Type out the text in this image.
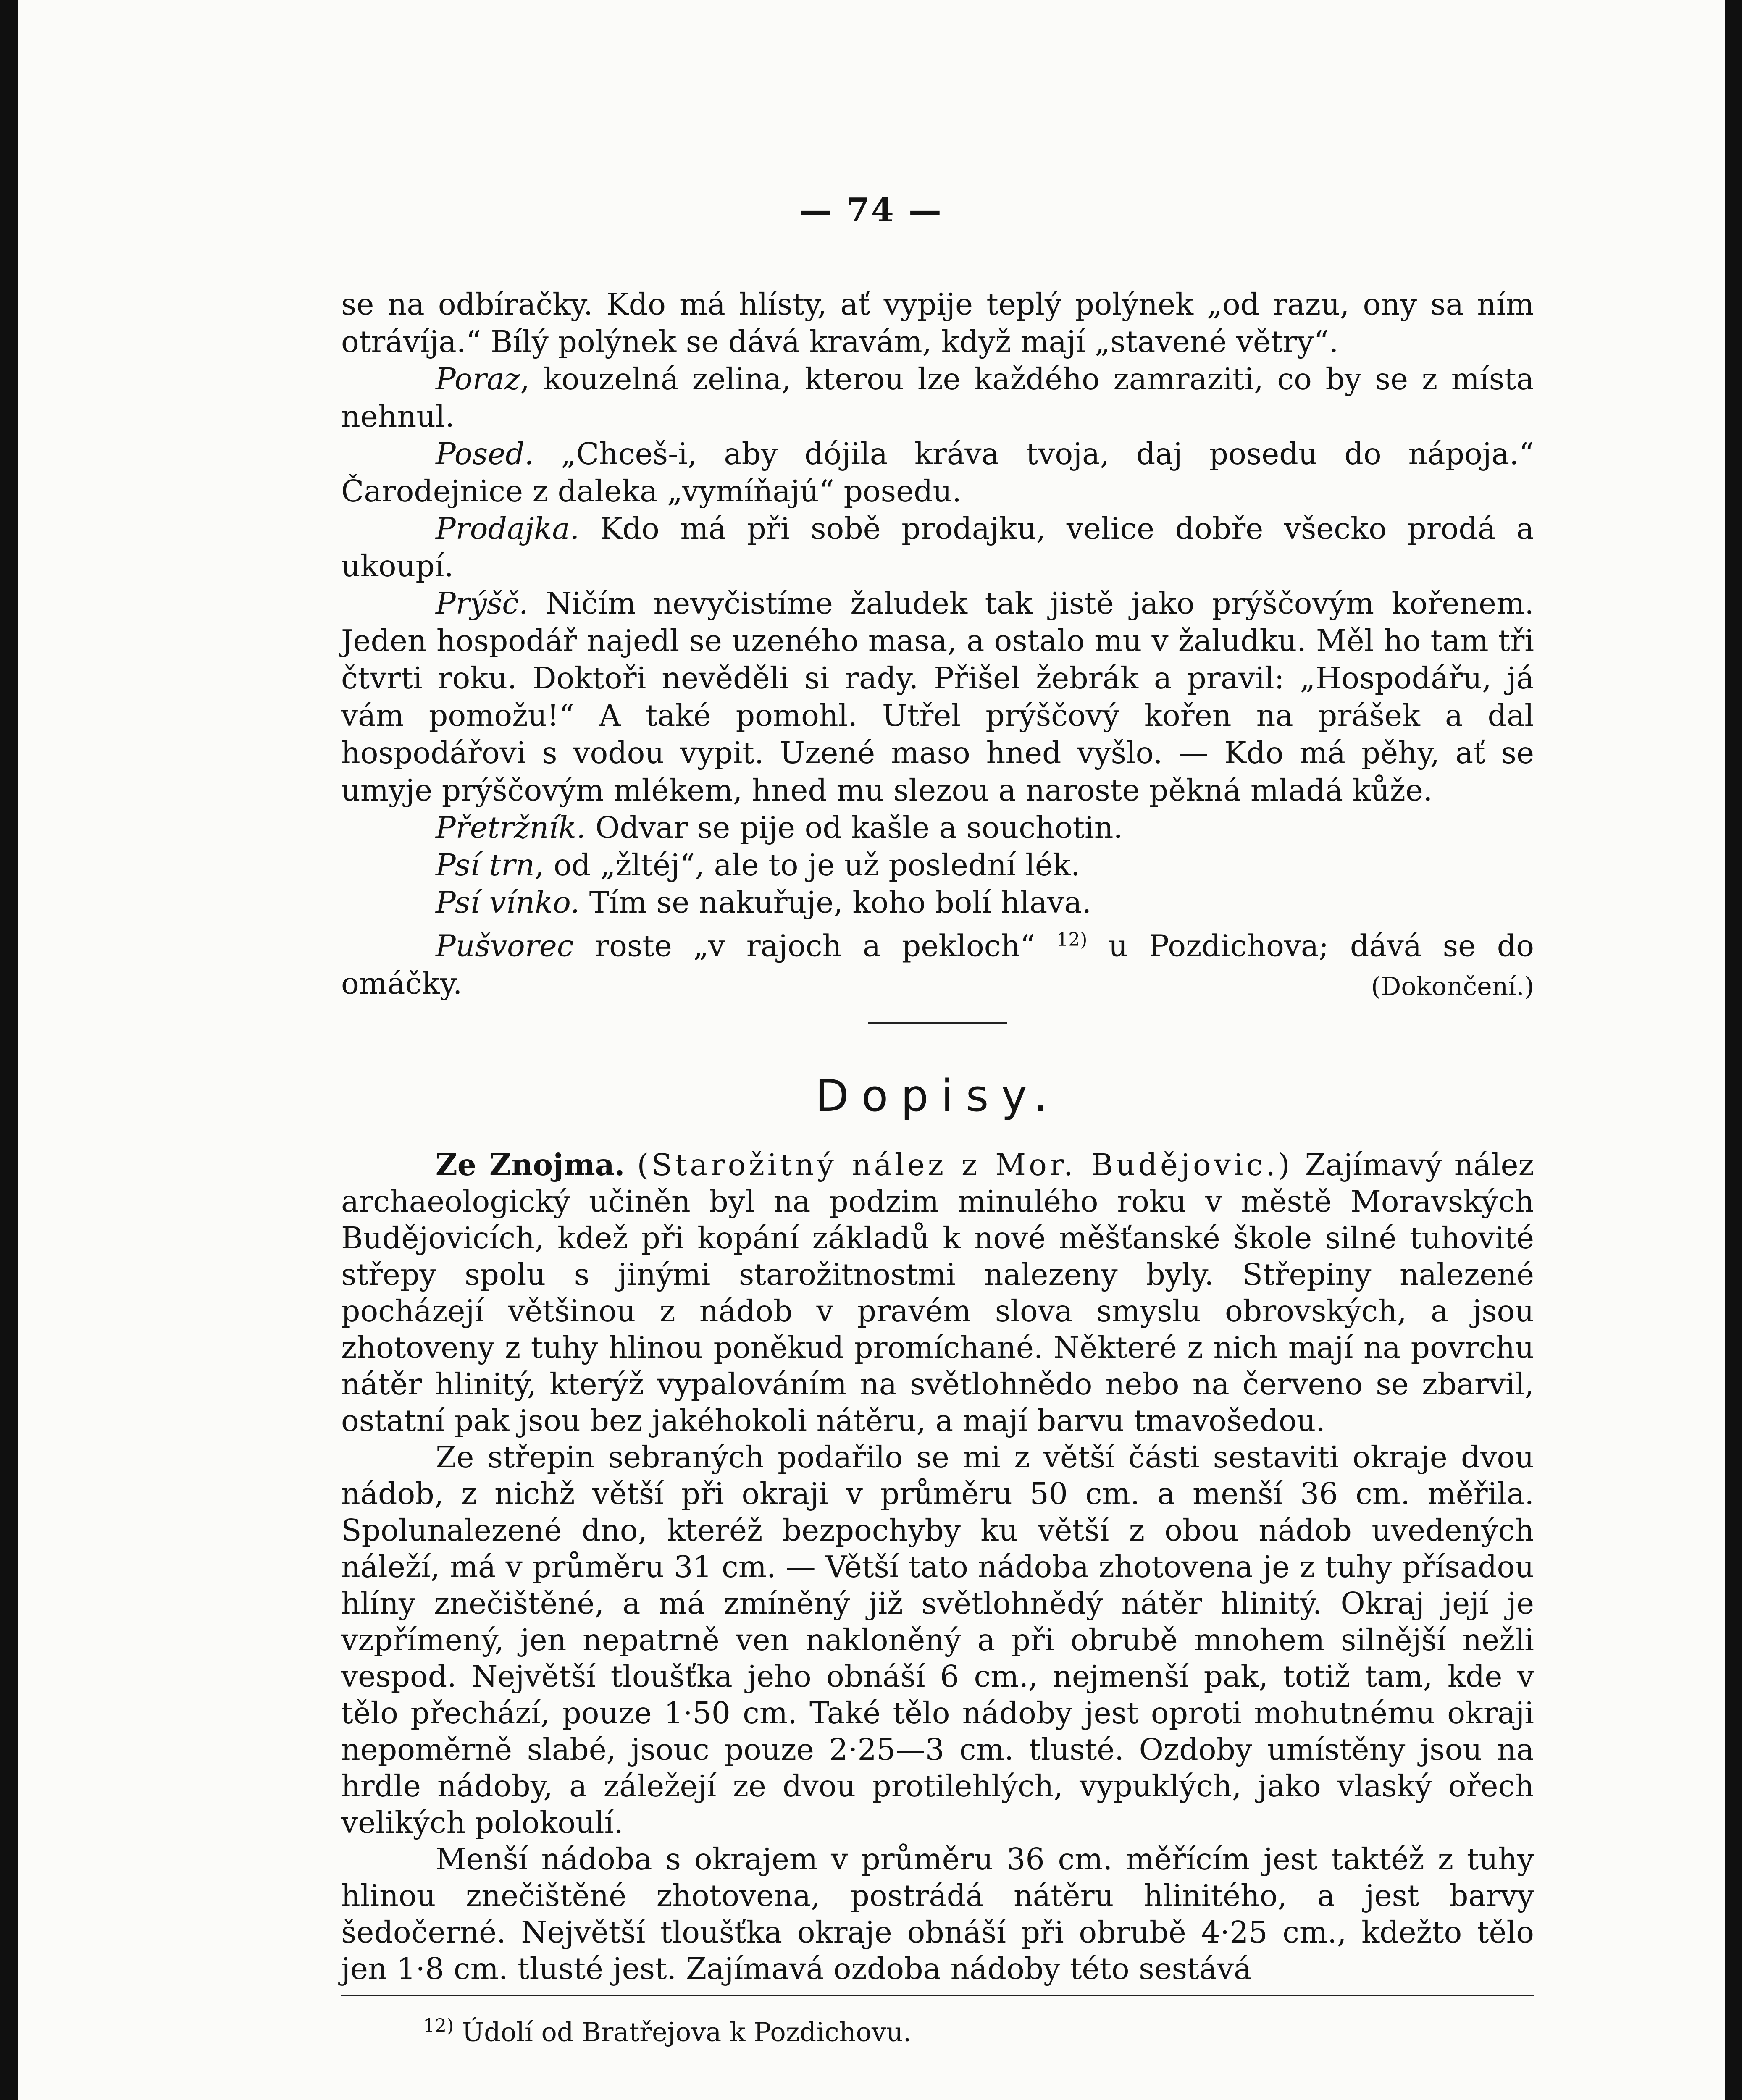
— 74 —

se na odbíračky. Kdo má hlísty, ať vypije teplý polýnek „od razu, ony sa ním otrávíja.“ Bílý polýnek se dává kravám, když mají „stavené větry“.

Poraz, kouzelná zelina, kterou lze každého zamraziti, co by se z místa nehnul.

Posed. „Chceš-i, aby dójila kráva tvoja, daj posedu do nápoja.“ Čarodejnice z daleka „vymíňajú“ posedu.

Prodajka. Kdo má při sobě prodajku, velice dobře všecko prodá a ukoupí.

Prýšč. Ničím nevyčistíme žaludek tak jistě jako prýščovým kořenem. Jeden hospodář najedl se uzeného masa, a ostalo mu v žaludku. Měl ho tam tři čtvrti roku. Doktoři nevěděli si rady. Přišel žebrák a pravil: „Hospodářu, já vám pomožu!“ A také pomohl. Utřel prýščový kořen na prášek a dal hospodářovi s vodou vypit. Uzené maso hned vyšlo. — Kdo má pěhy, ať se umyje prýščovým mlékem, hned mu slezou a naroste pěkná mladá kůže.

Přetržník. Odvar se pije od kašle a souchotin.

Psí trn, od „žltéj“, ale to je už poslední lék.

Psí vínko. Tím se nakuřuje, koho bolí hlava.

Pušvorec roste „v rajoch a pekloch“ $^{12)}$ u Pozdichova; dává se do omáčky.	(Dokončení.)

Dopisy.

Ze Znojma. (Starožitný nález z Mor. Budějovic.) Zajímavý nález archaeologický učiněn byl na podzim minulého roku v městě Moravských Budějovicích, kdež při kopání základů k nové měšťanské škole silné tuhovité střepy spolu s jinými starožitnostmi nalezeny byly. Střepiny nalezené pocházejí většinou z nádob v pravém slova smyslu obrovských, a jsou zhotoveny z tuhy hlinou poněkud promíchané. Některé z nich mají na povrchu nátěr hlinitý, kterýž vypalováním na světlohnědo nebo na červeno se zbarvil, ostatní pak jsou bez jakéhokoli nátěru, a mají barvu tmavošedou.

Ze střepin sebraných podařilo se mi z větší části sestaviti okraje dvou nádob, z nichž větší při okraji v průměru 50 cm. a menší 36 cm. měřila. Spolunalezené dno, kteréž bezpochyby ku větší z obou nádob uvedených náleží, má v průměru 31 cm. — Větší tato nádoba zhotovena je z tuhy přísadou hlíny znečištěné, a má zmíněný již světlohnědý nátěr hlinitý. Okraj její je vzpřímený, jen nepatrně ven nakloněný a při obrubě mnohem silnější nežli vespod. Největší tloušťka jeho obnáší 6 cm., nejmenší pak, totiž tam, kde v tělo přechází, pouze 1·50 cm. Také tělo nádoby jest oproti mohutnému okraji nepoměrně slabé, jsouc pouze 2·25—3 cm. tlusté. Ozdoby umístěny jsou na hrdle nádoby, a záležejí ze dvou protilehlých, vypuklých, jako vlaský ořech velikých polokoulí.

Menší nádoba s okrajem v průměru 36 cm. měřícím jest taktéž z tuhy hlinou znečištěné zhotovena, postrádá nátěru hlinitého, a jest barvy šedočerné. Největší tloušťka okraje obnáší při obrubě 4·25 cm., kdežto tělo jen 1·8 cm. tlusté jest. Zajímavá ozdoba nádoby této sestává

$^{12)}$ Údolí od Bratřejova k Pozdichovu.
